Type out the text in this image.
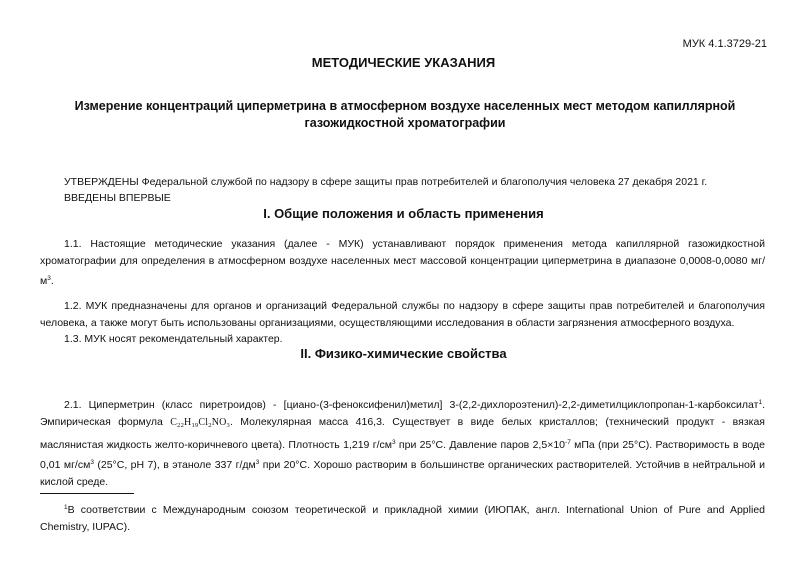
МУК 4.1.3729-21
МЕТОДИЧЕСКИЕ УКАЗАНИЯ
Измерение концентраций циперметрина в атмосферном воздухе населенных мест методом капиллярной газожидкостной хроматографии
УТВЕРЖДЕНЫ Федеральной службой по надзору в сфере защиты прав потребителей и благополучия человека 27 декабря 2021 г.
ВВЕДЕНЫ ВПЕРВЫЕ
I. Общие положения и область применения

1.1. Настоящие методические указания (далее - МУК) устанавливают порядок применения метода капиллярной газожидкостной хроматографии для определения в атмосферном воздухе населенных мест массовой концентрации циперметрина в диапазоне 0,0008-0,0080 $мг/м^3$.

1.2. МУК предназначены для органов и организаций Федеральной службы по надзору в сфере защиты прав потребителей и благополучия человека, а также могут быть использованы организациями, осуществляющими исследования в области загрязнения атмосферного воздуха.

1.3. МУК носят рекомендательный характер.

II. Физико-химические свойства

2.1. Циперметрин (класс пиретроидов) - [циано-(3-феноксифенил)метил] 3-(2,2-дихлороэтенил)-2,2-диметилциклопропан-1-карбоксилат$^1$. Эмпирическая формула $C_{22}H_{19}Cl_2NO_3$. Молекулярная масса 416,3. Существует в виде белых кристаллов; (технический продукт - вязкая маслянистая жидкость желто-коричневого цвета). Плотность 1,219 $г/см^3$ при 25°С. Давление паров $2,5\times 10^{-7}$ мПа (при 25°С). Растворимость в воде 0,01 $мг/см^3$ (25°С, рН 7), в этаноле 337 $г/дм^3$ при 20°С. Хорошо растворим в большинстве органических растворителей. Устойчив в нейтральной и кислой среде.

$^1$В соответствии с Международным союзом теоретической и прикладной химии (ИЮПАК, англ. International Union of Pure and Applied Chemistry, IUPAC).
